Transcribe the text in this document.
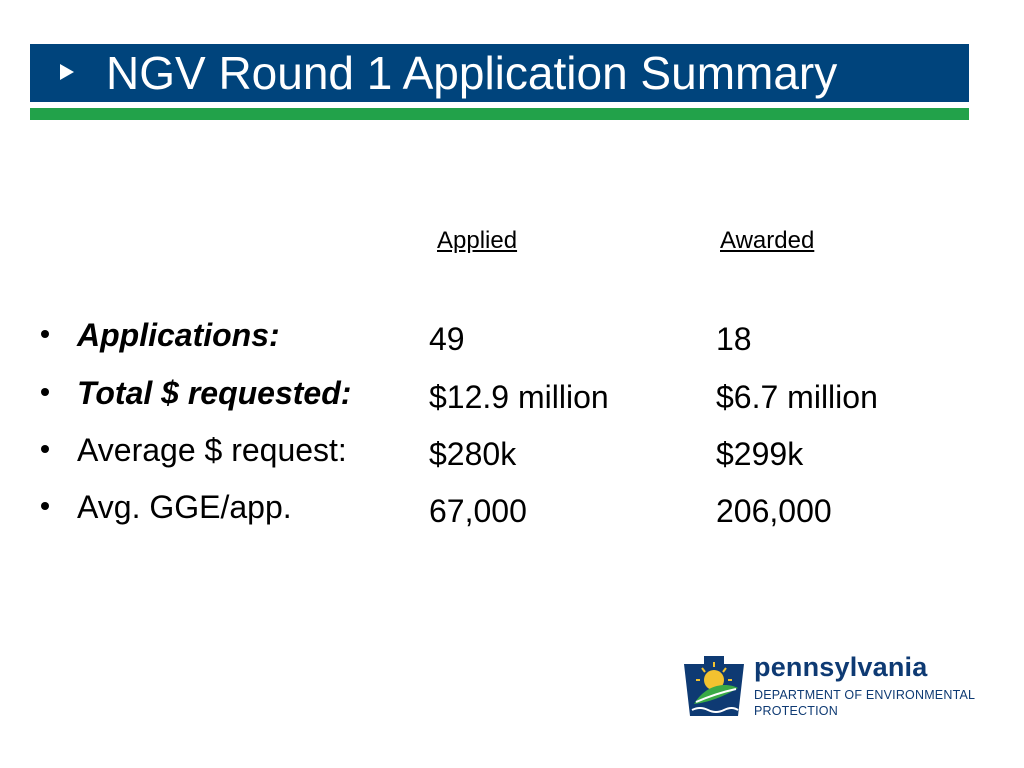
NGV Round 1 Application Summary
Applied	Awarded
Applications:	49	18
Total $ requested: $12.9 million	$6.7 million
Average $ request:	$280k	$299k
Avg. GGE/app.	67,000	206,000
pennsylvania
DEPARTMENT OF ENVIRONMENTAL
PROTECTION
